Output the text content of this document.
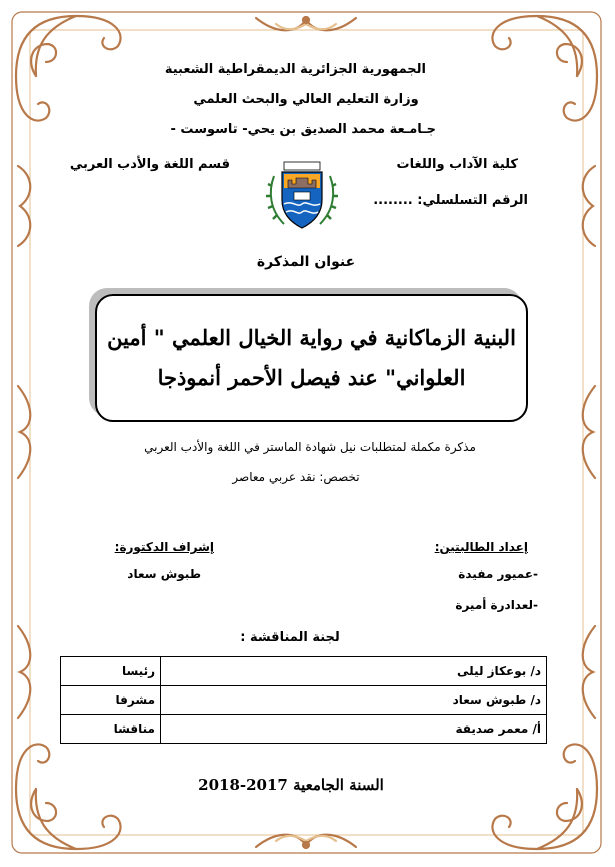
الجمهورية الجزائرية الديمقراطية الشعبية
وزارة التعليم العالي والبحث العلمي
جـامـعة محمد الصديق بن يحي- تاسوست -
كلية الآداب واللغات
قسم اللغة والأدب العربي
الرقم التسلسلي: ........
عنوان المذكرة
البنية الزماكانية في رواية الخيال العلمي " أمين
العلواني" عند فيصل الأحمر أنموذجا
مذكرة مكملة لمتطلبات نيل شهادة الماستر في اللغة والأدب العربي
تخصص: نقد عربي معاصر
إعداد الطالبتين:
-عميور مفيدة
-لعدادرة أميرة
إشراف الدكتورة:
طبوش سعاد
لجنة المناقشة :
د/ بوعكاز ليلى	رئيسا
د/ طبوش سعاد	مشرفا
أ/ معمر صديقة	مناقشا
السنة الجامعية 2017-2018
